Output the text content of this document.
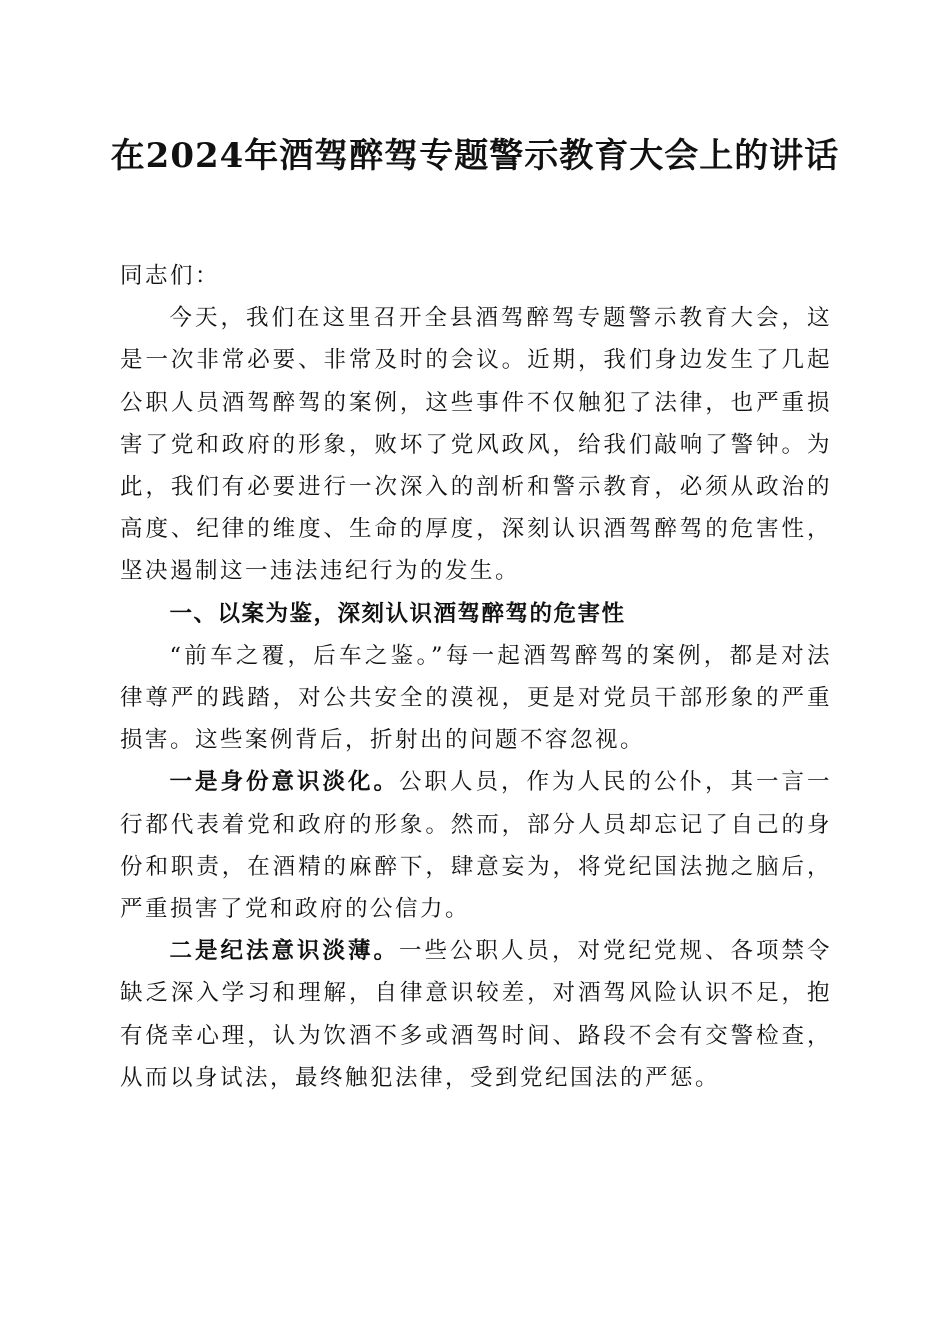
在2024年酒驾醉驾专题警示教育大会上的讲话

同志们：

今天，我们在这里召开全县酒驾醉驾专题警示教育大会，这是一次非常必要、非常及时的会议。近期，我们身边发生了几起公职人员酒驾醉驾的案例，这些事件不仅触犯了法律，也严重损害了党和政府的形象，败坏了党风政风，给我们敲响了警钟。为此，我们有必要进行一次深入的剖析和警示教育，必须从政治的高度、纪律的维度、生命的厚度，深刻认识酒驾醉驾的危害性，坚决遏制这一违法违纪行为的发生。

一、以案为鉴，深刻认识酒驾醉驾的危害性

“前车之覆，后车之鉴。”每一起酒驾醉驾的案例，都是对法律尊严的践踏，对公共安全的漠视，更是对党员干部形象的严重损害。这些案例背后，折射出的问题不容忽视。

一是身份意识淡化。公职人员，作为人民的公仆，其一言一行都代表着党和政府的形象。然而，部分人员却忘记了自己的身份和职责，在酒精的麻醉下，肆意妄为，将党纪国法抛之脑后，严重损害了党和政府的公信力。

二是纪法意识淡薄。一些公职人员，对党纪党规、各项禁令缺乏深入学习和理解，自律意识较差，对酒驾风险认识不足，抱有侥幸心理，认为饮酒不多或酒驾时间、路段不会有交警检查，从而以身试法，最终触犯法律，受到党纪国法的严惩。
